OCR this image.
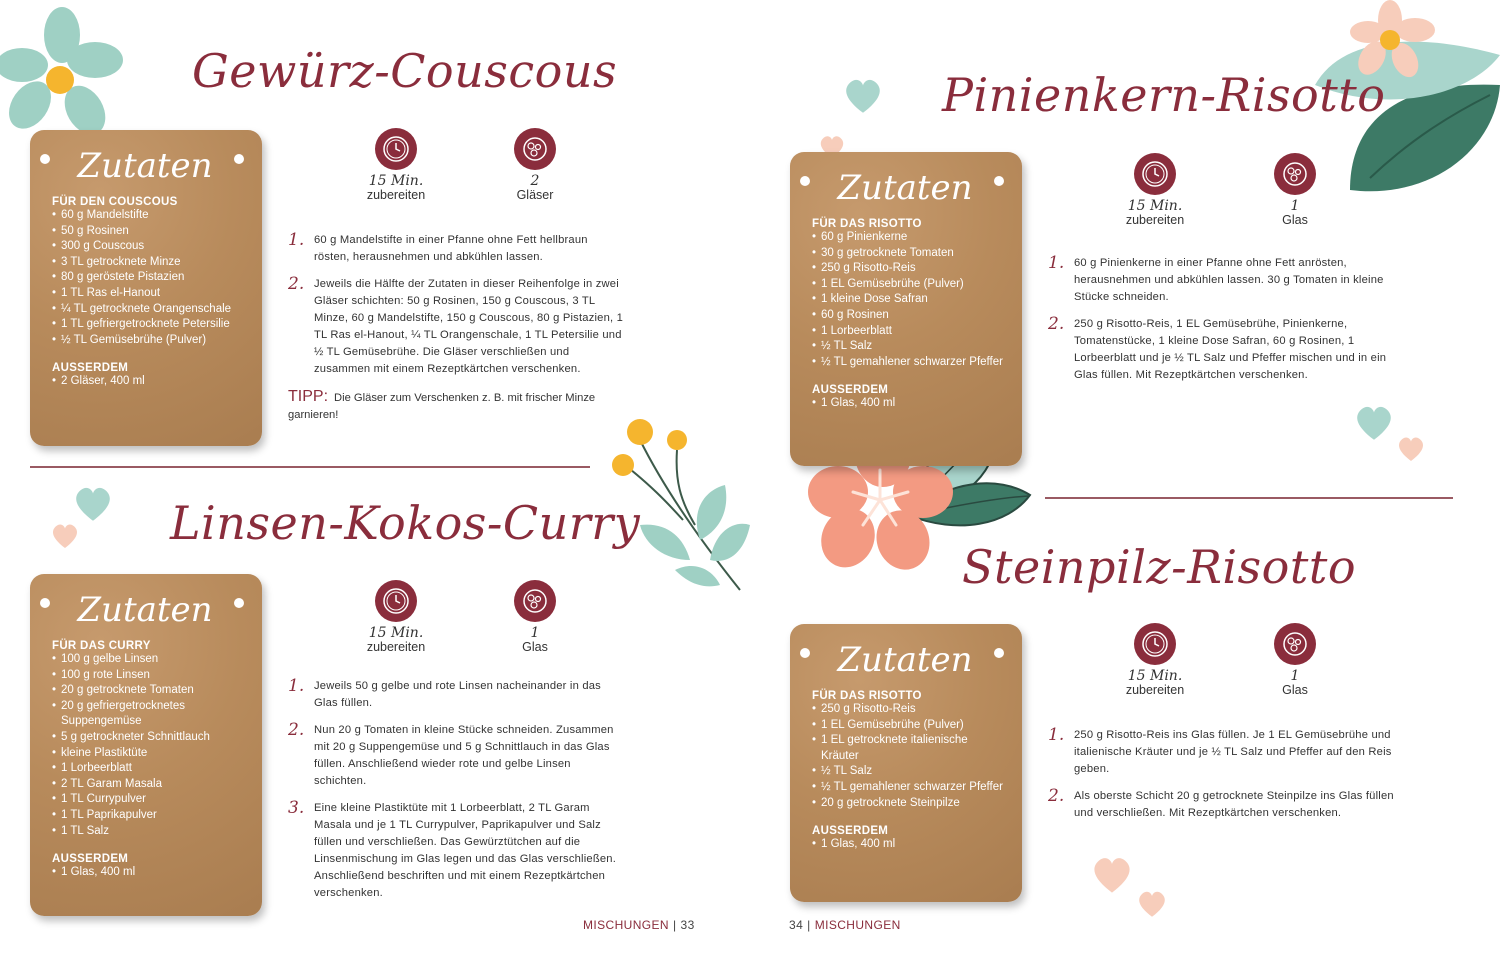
Gewürz-Couscous
Zutaten
FÜR DEN COUSCOUS
• 60 g Mandelstifte
• 50 g Rosinen
• 300 g Couscous
• 3 TL getrocknete Minze
• 80 g geröstete Pistazien
• 1 TL Ras el-Hanout
• ¼ TL getrocknete Orangenschale
• 1 TL gefriergetrocknete Petersilie
• ½ TL Gemüsebrühe (Pulver)
AUSSERDEM
• 2 Gläser, 400 ml
15 Min.
zubereiten
2
Gläser
1. 60 g Mandelstifte in einer Pfanne ohne Fett hellbraun rösten, herausnehmen und abkühlen lassen.
2. Jeweils die Hälfte der Zutaten in dieser Reihenfolge in zwei Gläser schichten: 50 g Rosinen, 150 g Couscous, 3 TL Minze, 60 g Mandelstifte, 150 g Couscous, 80 g Pistazien, 1 TL Ras el-Hanout, ¼ TL Orangenschale, 1 TL Petersilie und ½ TL Gemüsebrühe. Die Gläser verschließen und zusammen mit einem Rezeptkärtchen verschenken.
TIPP: Die Gläser zum Verschenken z. B. mit frischer Minze garnieren!
Linsen-Kokos-Curry
Zutaten
FÜR DAS CURRY
• 100 g gelbe Linsen
• 100 g rote Linsen
• 20 g getrocknete Tomaten
• 20 g gefriergetrocknetes Suppengemüse
• 5 g getrockneter Schnittlauch
• kleine Plastiktüte
• 1 Lorbeerblatt
• 2 TL Garam Masala
• 1 TL Currypulver
• 1 TL Paprikapulver
• 1 TL Salz
AUSSERDEM
• 1 Glas, 400 ml
15 Min.
zubereiten
1
Glas
1. Jeweils 50 g gelbe und rote Linsen nacheinander in das Glas füllen.
2. Nun 20 g Tomaten in kleine Stücke schneiden. Zusammen mit 20 g Suppengemüse und 5 g Schnittlauch in das Glas füllen. Anschließend wieder rote und gelbe Linsen schichten.
3. Eine kleine Plastiktüte mit 1 Lorbeerblatt, 2 TL Garam Masala und je 1 TL Currypulver, Paprikapulver und Salz füllen und verschließen. Das Gewürztütchen auf die Linsenmischung im Glas legen und das Glas verschließen. Anschließend beschriften und mit einem Rezeptkärtchen verschenken.
Pinienkern-Risotto
Zutaten
FÜR DAS RISOTTO
• 60 g Pinienkerne
• 30 g getrocknete Tomaten
• 250 g Risotto-Reis
• 1 EL Gemüsebrühe (Pulver)
• 1 kleine Dose Safran
• 60 g Rosinen
• 1 Lorbeerblatt
• ½ TL Salz
• ½ TL gemahlener schwarzer Pfeffer
AUSSERDEM
• 1 Glas, 400 ml
15 Min.
zubereiten
1
Glas
1. 60 g Pinienkerne in einer Pfanne ohne Fett anrösten, herausnehmen und abkühlen lassen. 30 g Tomaten in kleine Stücke schneiden.
2. 250 g Risotto-Reis, 1 EL Gemüsebrühe, Pinienkerne, Tomatenstücke, 1 kleine Dose Safran, 60 g Rosinen, 1 Lorbeerblatt und je ½ TL Salz und Pfeffer mischen und in ein Glas füllen. Mit Rezeptkärtchen verschenken.
Steinpilz-Risotto
Zutaten
FÜR DAS RISOTTO
• 250 g Risotto-Reis
• 1 EL Gemüsebrühe (Pulver)
• 1 EL getrocknete italienische Kräuter
• ½ TL Salz
• ½ TL gemahlener schwarzer Pfeffer
• 20 g getrocknete Steinpilze
AUSSERDEM
• 1 Glas, 400 ml
15 Min.
zubereiten
1
Glas
1. 250 g Risotto-Reis ins Glas füllen. Je 1 EL Gemüsebrühe und italienische Kräuter und je ½ TL Salz und Pfeffer auf den Reis geben.
2. Als oberste Schicht 20 g getrocknete Steinpilze ins Glas füllen und verschließen. Mit Rezeptkärtchen verschenken.
MISCHUNGEN | 33	34 | MISCHUNGEN
